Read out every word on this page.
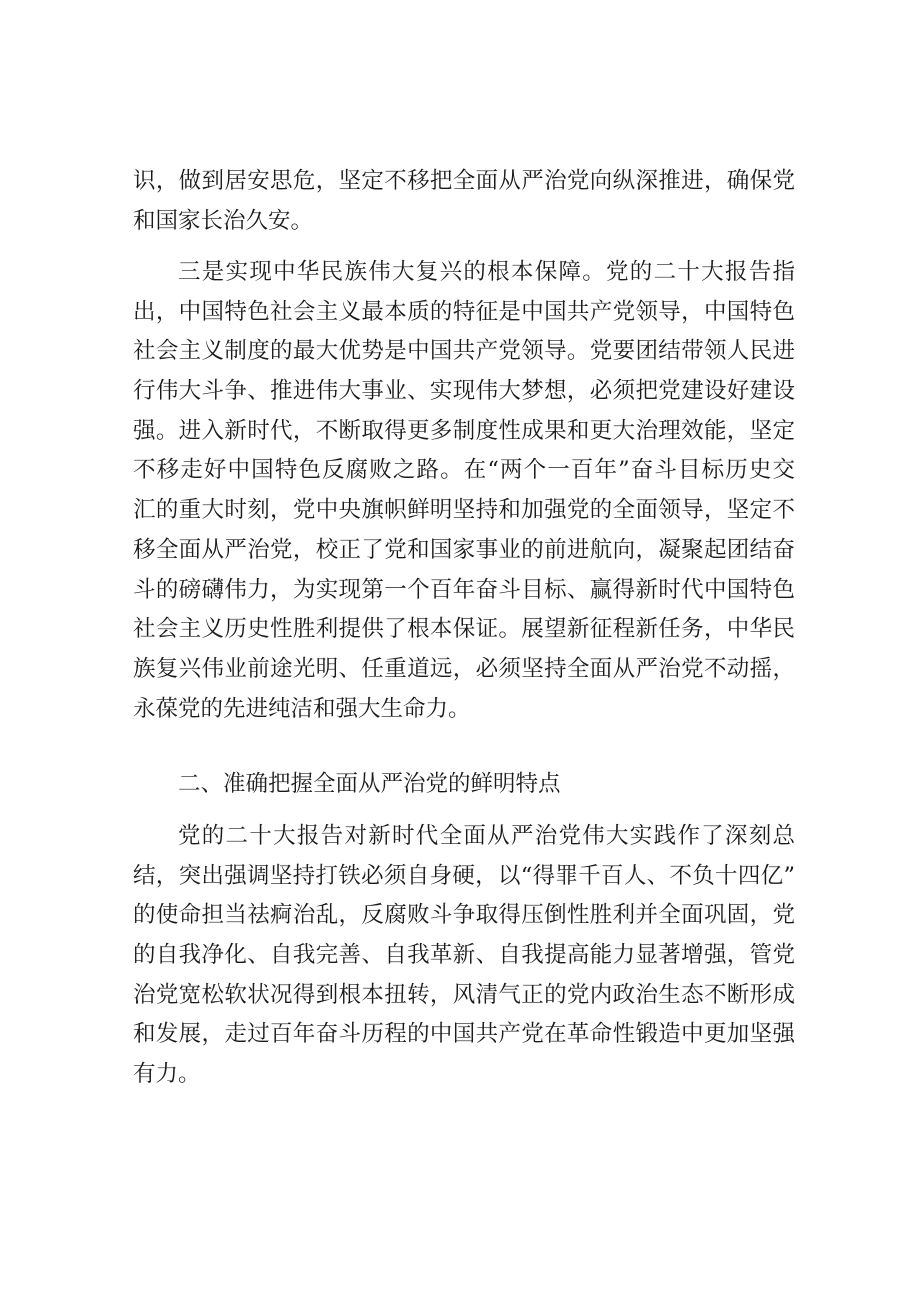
识，做到居安思危，坚定不移把全面从严治党向纵深推进，确保党
和国家长治久安。
三是实现中华民族伟大复兴的根本保障。党的二十大报告指
出，中国特色社会主义最本质的特征是中国共产党领导，中国特色
社会主义制度的最大优势是中国共产党领导。党要团结带领人民进
行伟大斗争、推进伟大事业、实现伟大梦想，必须把党建设好建设
强。进入新时代，不断取得更多制度性成果和更大治理效能，坚定
不移走好中国特色反腐败之路。在“两个一百年”奋斗目标历史交
汇的重大时刻，党中央旗帜鲜明坚持和加强党的全面领导，坚定不
移全面从严治党，校正了党和国家事业的前进航向，凝聚起团结奋
斗的磅礴伟力，为实现第一个百年奋斗目标、赢得新时代中国特色
社会主义历史性胜利提供了根本保证。展望新征程新任务，中华民
族复兴伟业前途光明、任重道远，必须坚持全面从严治党不动摇，
永葆党的先进纯洁和强大生命力。
二、准确把握全面从严治党的鲜明特点
党的二十大报告对新时代全面从严治党伟大实践作了深刻总
结，突出强调坚持打铁必须自身硬，以“得罪千百人、不负十四亿”
的使命担当祛痾治乱，反腐败斗争取得压倒性胜利并全面巩固，党
的自我净化、自我完善、自我革新、自我提高能力显著增强，管党
治党宽松软状况得到根本扭转，风清气正的党内政治生态不断形成
和发展，走过百年奋斗历程的中国共产党在革命性锻造中更加坚强
有力。
